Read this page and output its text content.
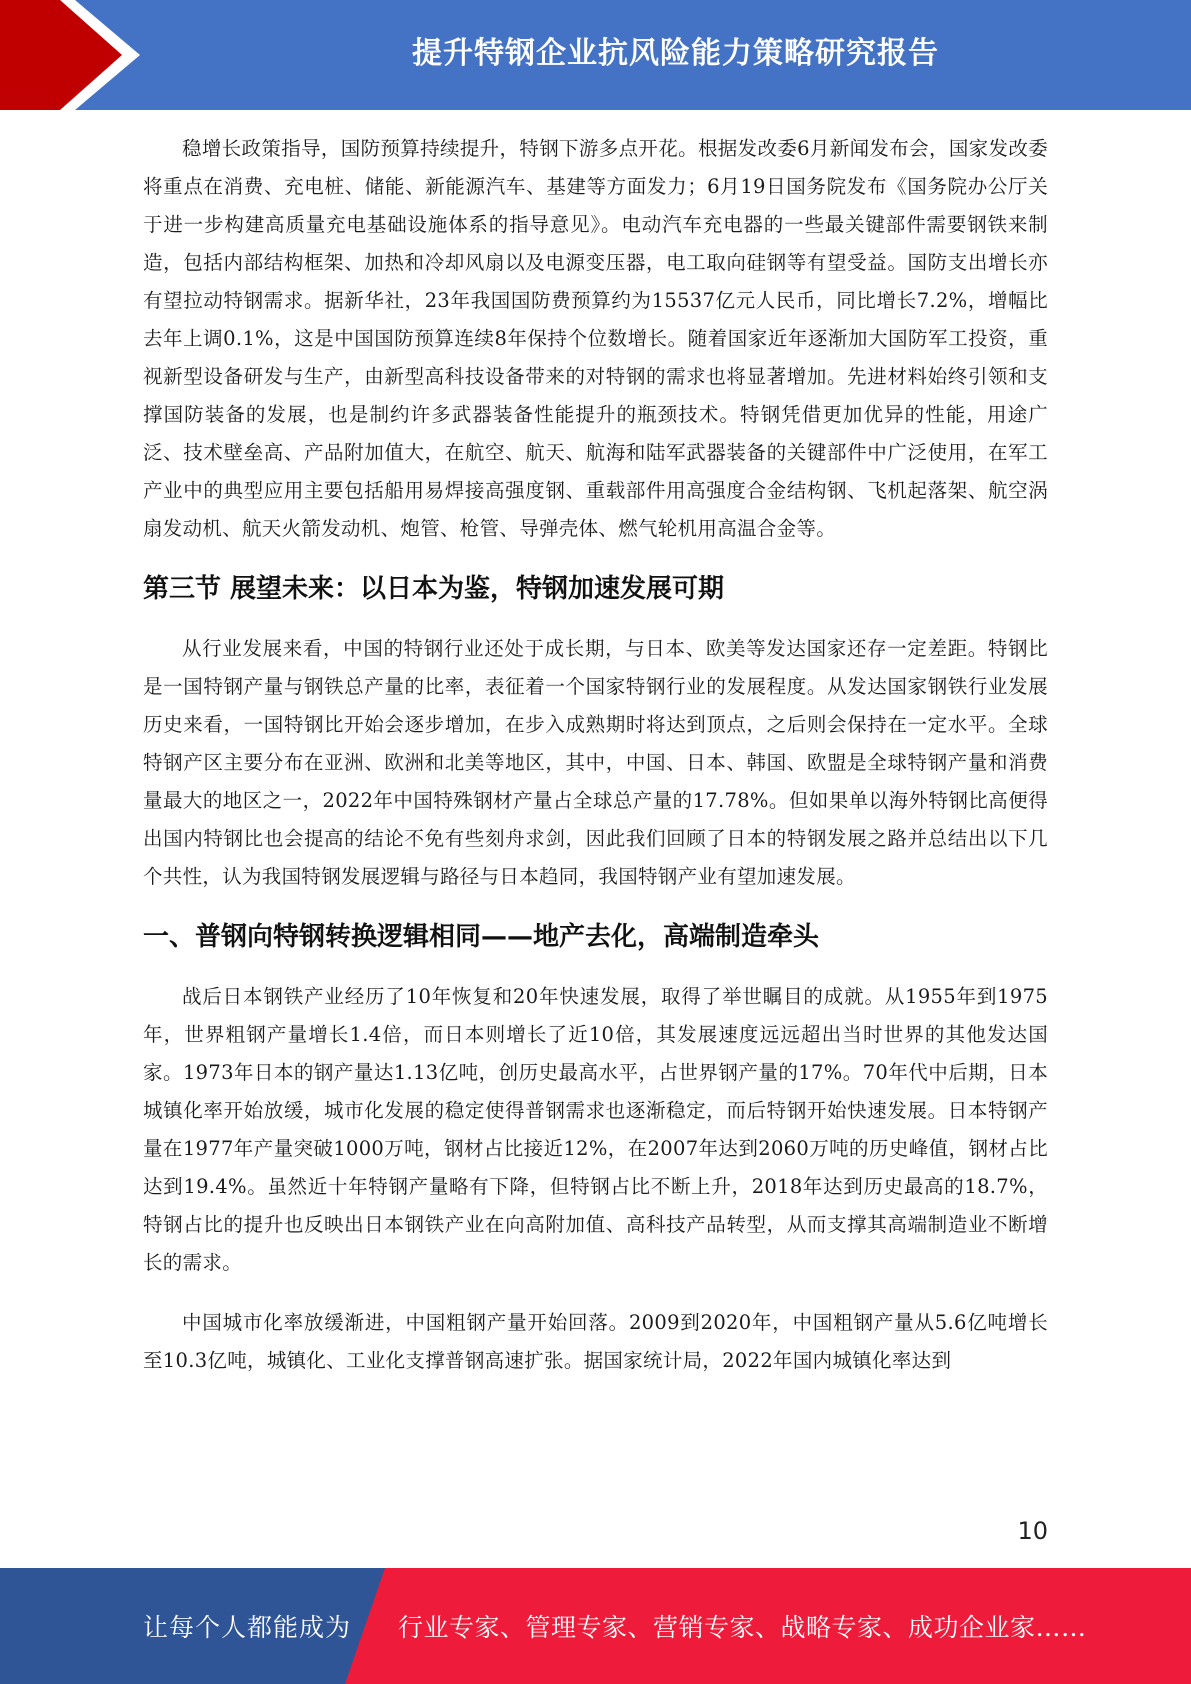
提升特钢企业抗风险能力策略研究报告

稳增长政策指导，国防预算持续提升，特钢下游多点开花。根据发改委6月新闻发布会，国家发改委将重点在消费、充电桩、储能、新能源汽车、基建等方面发力；6月19日国务院发布《国务院办公厅关于进一步构建高质量充电基础设施体系的指导意见》。电动汽车充电器的一些最关键部件需要钢铁来制造，包括内部结构框架、加热和冷却风扇以及电源变压器，电工取向硅钢等有望受益。国防支出增长亦有望拉动特钢需求。据新华社，23年我国国防费预算约为15537亿元人民币，同比增长7.2%，增幅比去年上调0.1%，这是中国国防预算连续8年保持个位数增长。随着国家近年逐渐加大国防军工投资，重视新型设备研发与生产，由新型高科技设备带来的对特钢的需求也将显著增加。先进材料始终引领和支撑国防装备的发展，也是制约许多武器装备性能提升的瓶颈技术。特钢凭借更加优异的性能，用途广泛、技术壁垒高、产品附加值大，在航空、航天、航海和陆军武器装备的关键部件中广泛使用，在军工产业中的典型应用主要包括船用易焊接高强度钢、重载部件用高强度合金结构钢、飞机起落架、航空涡扇发动机、航天火箭发动机、炮管、枪管、导弹壳体、燃气轮机用高温合金等。

第三节 展望未来：以日本为鉴，特钢加速发展可期

从行业发展来看，中国的特钢行业还处于成长期，与日本、欧美等发达国家还存一定差距。特钢比是一国特钢产量与钢铁总产量的比率，表征着一个国家特钢行业的发展程度。从发达国家钢铁行业发展历史来看，一国特钢比开始会逐步增加，在步入成熟期时将达到顶点，之后则会保持在一定水平。全球特钢产区主要分布在亚洲、欧洲和北美等地区，其中，中国、日本、韩国、欧盟是全球特钢产量和消费量最大的地区之一，2022年中国特殊钢材产量占全球总产量的17.78%。但如果单以海外特钢比高便得出国内特钢比也会提高的结论不免有些刻舟求剑，因此我们回顾了日本的特钢发展之路并总结出以下几个共性，认为我国特钢发展逻辑与路径与日本趋同，我国特钢产业有望加速发展。

一、普钢向特钢转换逻辑相同——地产去化，高端制造牵头

战后日本钢铁产业经历了10年恢复和20年快速发展，取得了举世瞩目的成就。从1955年到1975年，世界粗钢产量增长1.4倍，而日本则增长了近10倍，其发展速度远远超出当时世界的其他发达国家。1973年日本的钢产量达1.13亿吨，创历史最高水平，占世界钢产量的17%。70年代中后期，日本城镇化率开始放缓，城市化发展的稳定使得普钢需求也逐渐稳定，而后特钢开始快速发展。日本特钢产量在1977年产量突破1000万吨，钢材占比接近12%，在2007年达到2060万吨的历史峰值，钢材占比达到19.4%。虽然近十年特钢产量略有下降，但特钢占比不断上升，2018年达到历史最高的18.7%，特钢占比的提升也反映出日本钢铁产业在向高附加值、高科技产品转型，从而支撑其高端制造业不断增长的需求。

中国城市化率放缓渐进，中国粗钢产量开始回落。2009到2020年，中国粗钢产量从5.6亿吨增长至10.3亿吨，城镇化、工业化支撑普钢高速扩张。据国家统计局，2022年国内城镇化率达到

10
让每个人都能成为 行业专家、管理专家、营销专家、战略专家、成功企业家……
